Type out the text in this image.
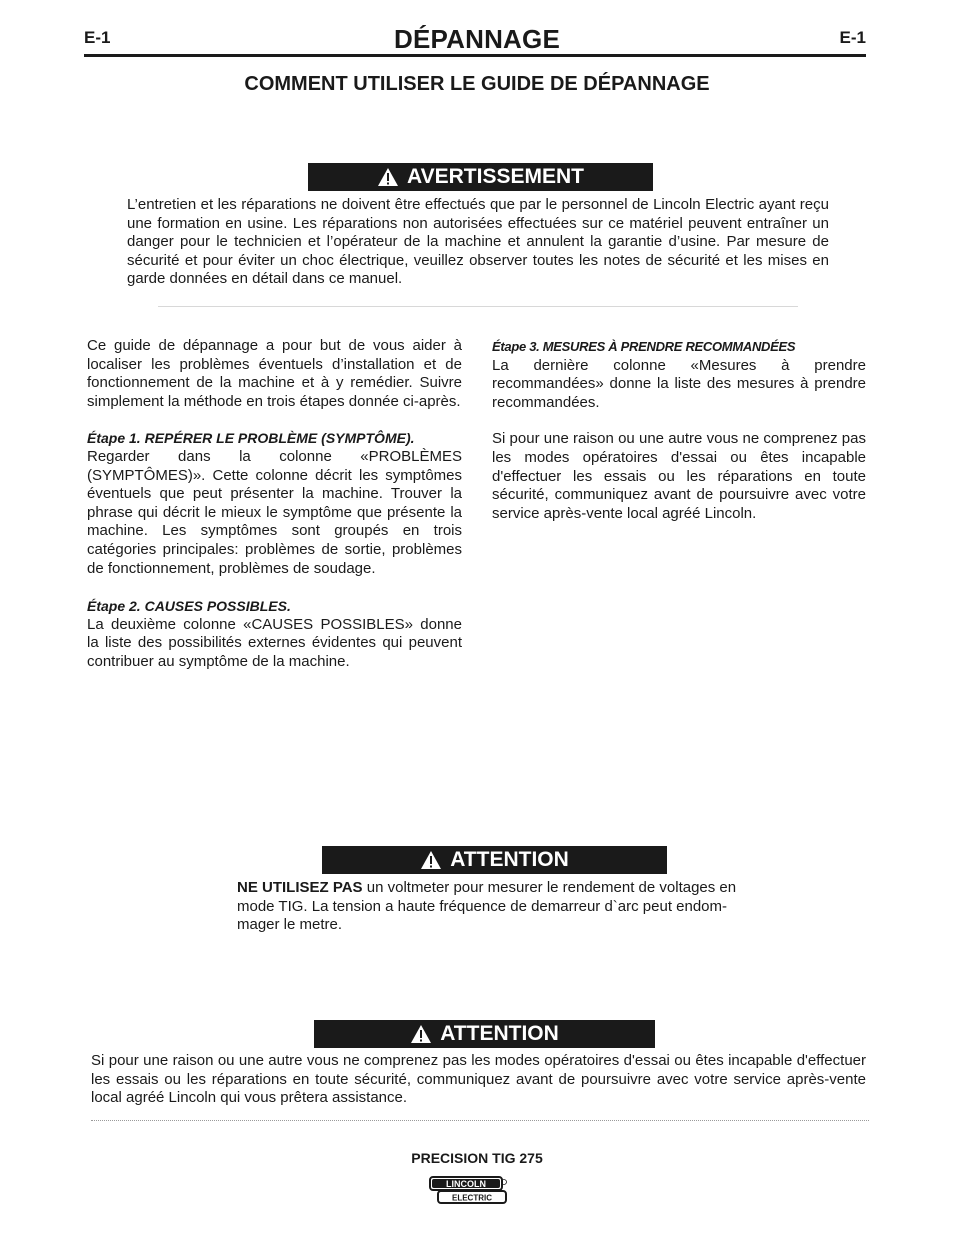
E-1	E-1
DÉPANNAGE
COMMENT UTILISER LE GUIDE DE DÉPANNAGE
AVERTISSEMENT
L’entretien et les réparations ne doivent être effectués que par le personnel de Lincoln Electric ayant reçu une formation en usine. Les réparations non autorisées effectuées sur ce matériel peuvent entraîner un danger pour le technicien et l’opérateur de la machine et annulent la garantie d’usine. Par mesure de sécurité et pour éviter un choc électrique, veuillez observer toutes les notes de sécurité et les mises en garde données en détail dans ce manuel.

Ce guide de dépannage a pour but de vous aider à localiser les problèmes éventuels d’installation et de fonctionnement de la machine et à y remédier. Suivre simplement la méthode en trois étapes donnée ci-après.

Étape 1. REPÉRER LE PROBLÈME (SYMPTÔME).

Regarder dans la colonne «PROBLÈMES (SYMPTÔMES)». Cette colonne décrit les symptômes éventuels que peut présenter la machine. Trouver la phrase qui décrit le mieux le symptôme que présente la machine. Les symptômes sont groupés en trois catégories principales: problèmes de sortie, problèmes de fonctionnement, problèmes de soudage.

Étape 2. CAUSES POSSIBLES.

La deuxième colonne «CAUSES POSSIBLES» donne la liste des possibilités externes évidentes qui peuvent contribuer au symptôme de la machine.

Étape 3. MESURES À PRENDRE RECOMMANDÉES

La dernière colonne «Mesures à prendre recommandées» donne la liste des mesures à prendre recommandées.

Si pour une raison ou une autre vous ne comprenez pas les modes opératoires d'essai ou êtes incapable d'effectuer les essais ou les réparations en toute sécurité, communiquez avant de poursuivre avec votre service après-vente local agréé Lincoln.

ATTENTION
NE UTILISEZ PAS un voltmeter pour mesurer le rendement de voltages en
mode TIG. La tension a haute fréquence de demarreur d`arc peut endom-
mager le metre.
ATTENTION
Si pour une raison ou une autre vous ne comprenez pas les modes opératoires d'essai ou êtes incapable d'effectuer les essais ou les réparations en toute sécurité, communiquez avant de poursuivre avec votre service après-vente local agréé Lincoln qui vous prêtera assistance.
PRECISION TIG 275
LINCOLN
ELECTRIC
